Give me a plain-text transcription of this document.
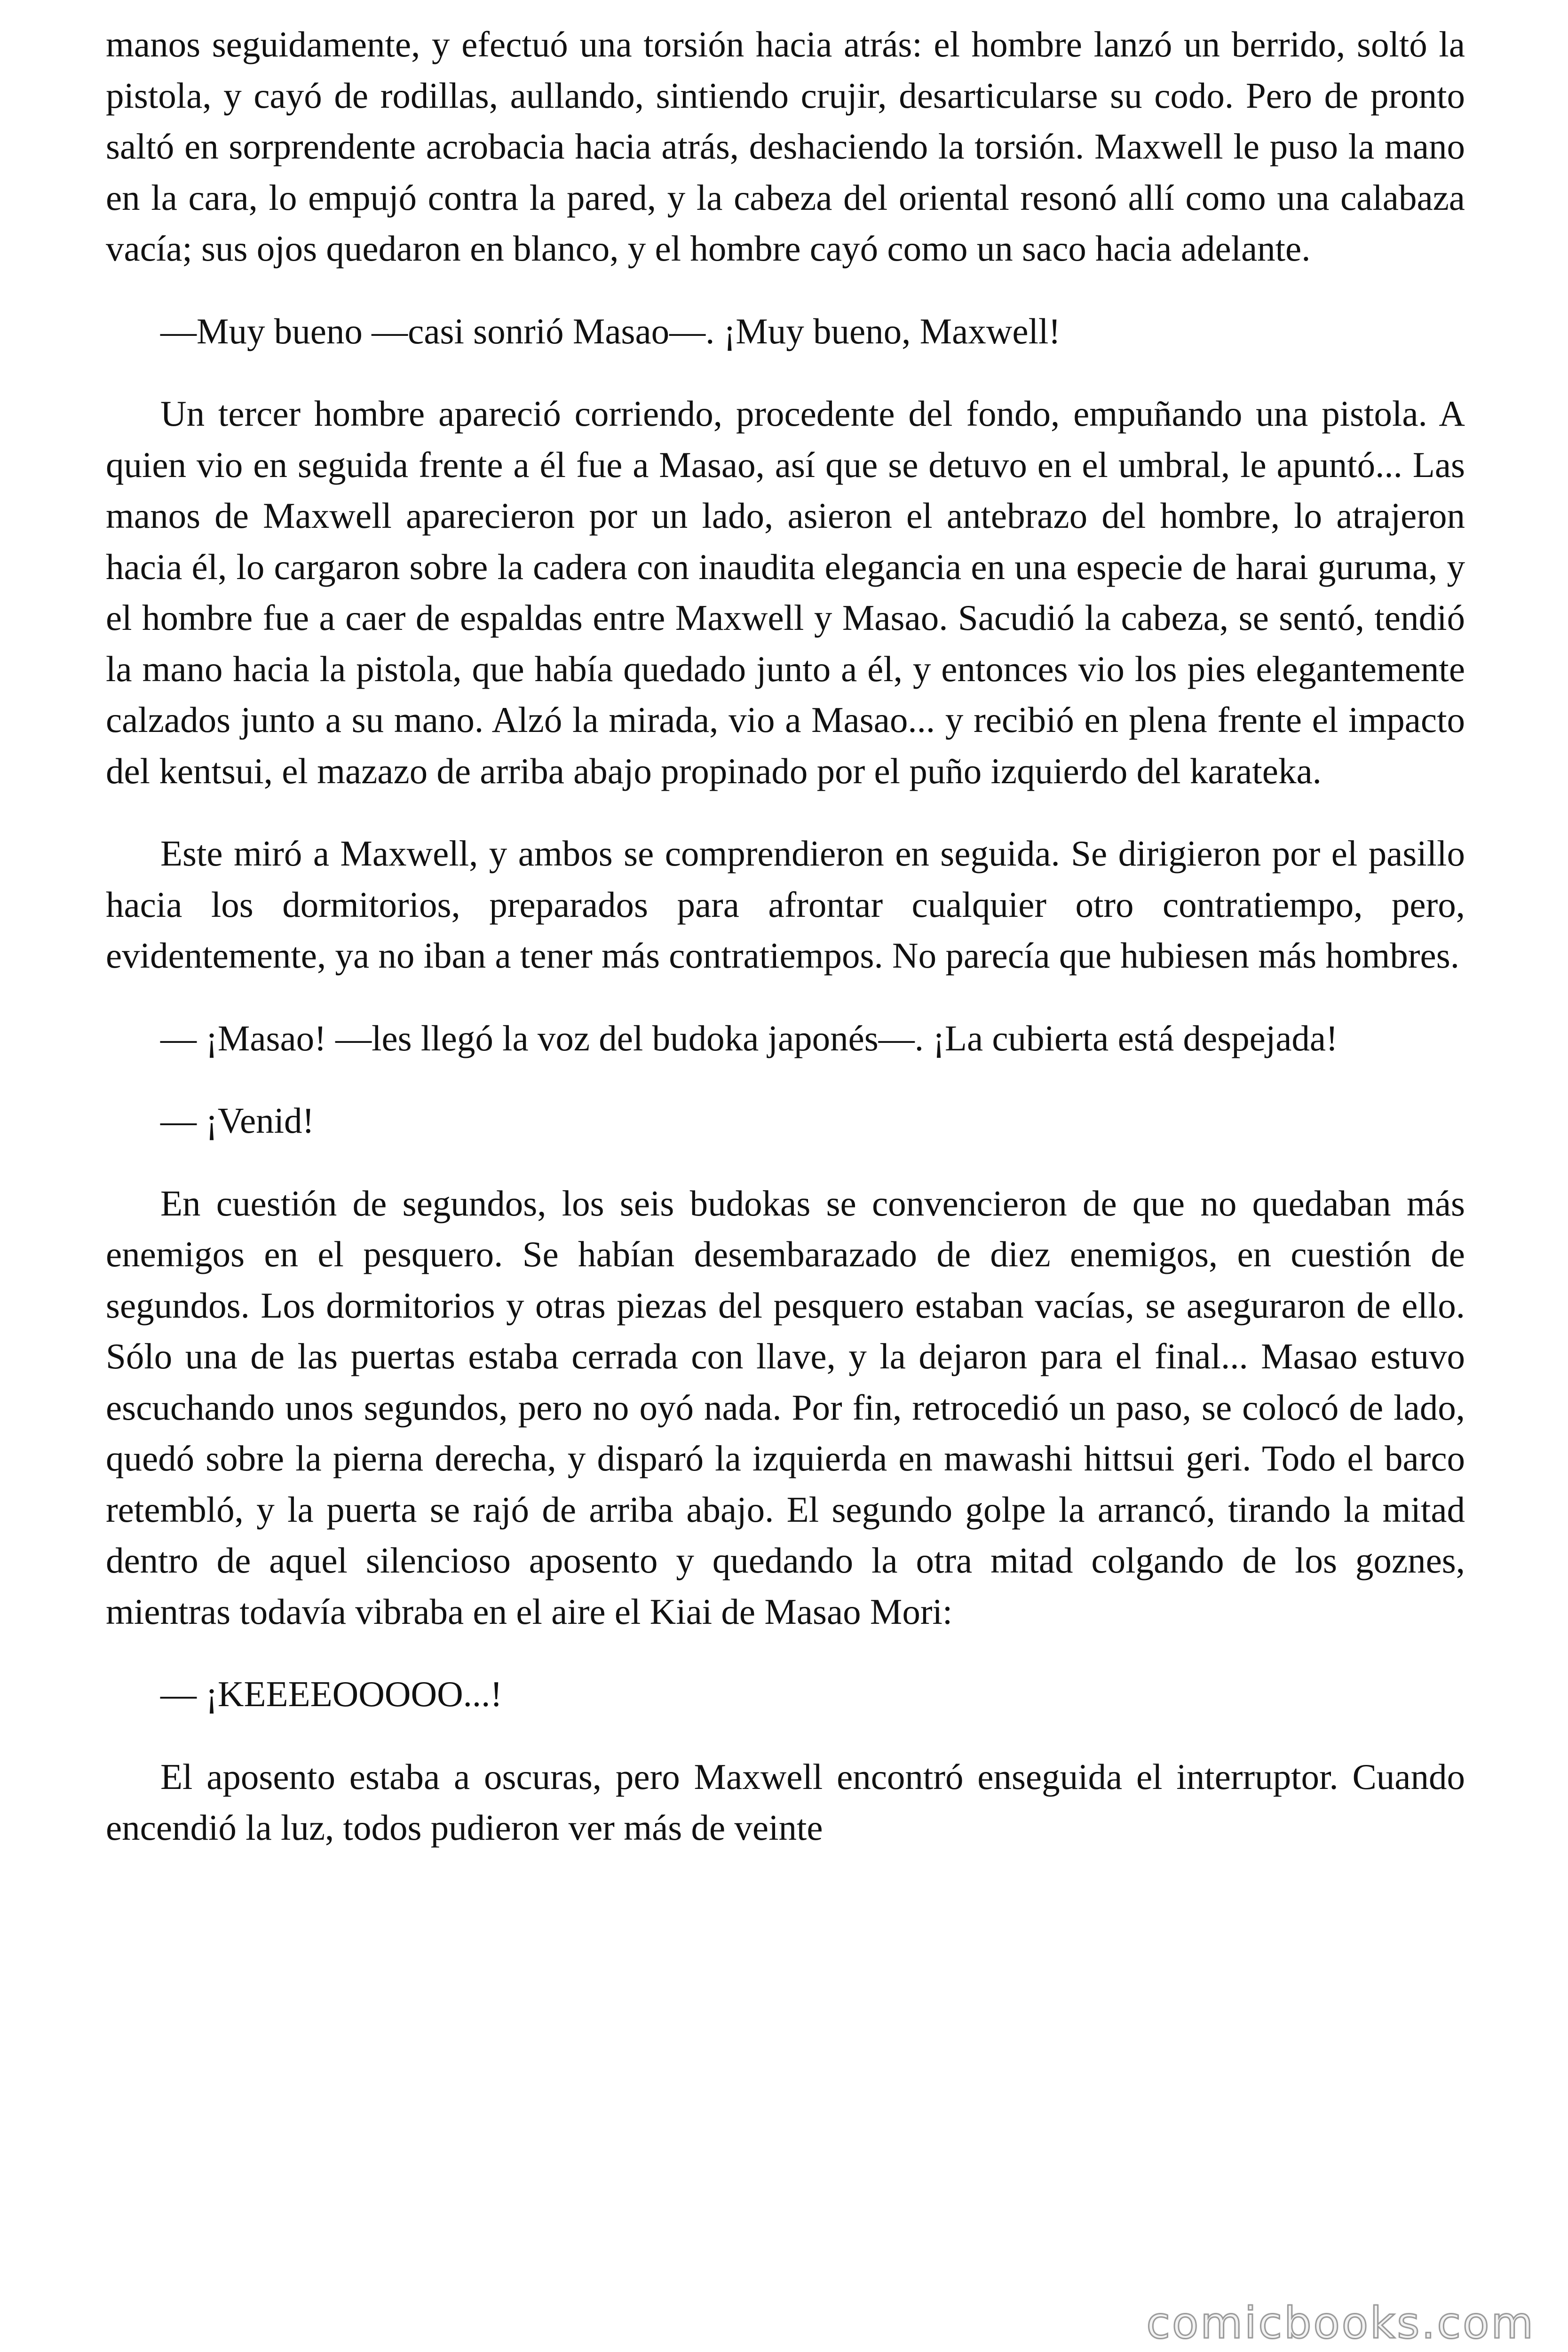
manos seguidamente, y efectuó una torsión hacia atrás: el hombre lanzó un berrido, soltó la pistola, y cayó de rodillas, aullando, sintiendo crujir, desarticularse su codo. Pero de pronto saltó en sorprendente acrobacia hacia atrás, deshaciendo la torsión. Maxwell le puso la mano en la cara, lo empujó contra la pared, y la cabeza del oriental resonó allí como una calabaza vacía; sus ojos quedaron en blanco, y el hombre cayó como un saco hacia adelante.

—Muy bueno —casi sonrió Masao—. ¡Muy bueno, Maxwell!

Un tercer hombre apareció corriendo, procedente del fondo, empuñando una pistola. A quien vio en seguida frente a él fue a Masao, así que se detuvo en el umbral, le apuntó... Las manos de Maxwell aparecieron por un lado, asieron el antebrazo del hombre, lo atrajeron hacia él, lo cargaron sobre la cadera con inaudita elegancia en una especie de harai guruma, y el hombre fue a caer de espaldas entre Maxwell y Masao. Sacudió la cabeza, se sentó, tendió la mano hacia la pistola, que había quedado junto a él, y entonces vio los pies elegantemente calzados junto a su mano. Alzó la mirada, vio a Masao... y recibió en plena frente el impacto del kentsui, el mazazo de arriba abajo propinado por el puño izquierdo del karateka.

Este miró a Maxwell, y ambos se comprendieron en seguida. Se dirigieron por el pasillo hacia los dormitorios, preparados para afrontar cualquier otro contratiempo, pero, evidentemente, ya no iban a tener más contratiempos. No parecía que hubiesen más hombres.

— ¡Masao! —les llegó la voz del budoka japonés—. ¡La cubierta está despejada!

— ¡Venid!

En cuestión de segundos, los seis budokas se convencieron de que no quedaban más enemigos en el pesquero. Se habían desembarazado de diez enemigos, en cuestión de segundos. Los dormitorios y otras piezas del pesquero estaban vacías, se aseguraron de ello. Sólo una de las puertas estaba cerrada con llave, y la dejaron para el final... Masao estuvo escuchando unos segundos, pero no oyó nada. Por fin, retrocedió un paso, se colocó de lado, quedó sobre la pierna derecha, y disparó la izquierda en mawashi hittsui geri. Todo el barco retembló, y la puerta se rajó de arriba abajo. El segundo golpe la arrancó, tirando la mitad dentro de aquel silencioso aposento y quedando la otra mitad colgando de los goznes, mientras todavía vibraba en el aire el Kiai de Masao Mori:

— ¡KEEEEOOOOO...!

El aposento estaba a oscuras, pero Maxwell encontró enseguida el interruptor. Cuando encendió la luz, todos pudieron ver más de veinte

comicbooks.com
